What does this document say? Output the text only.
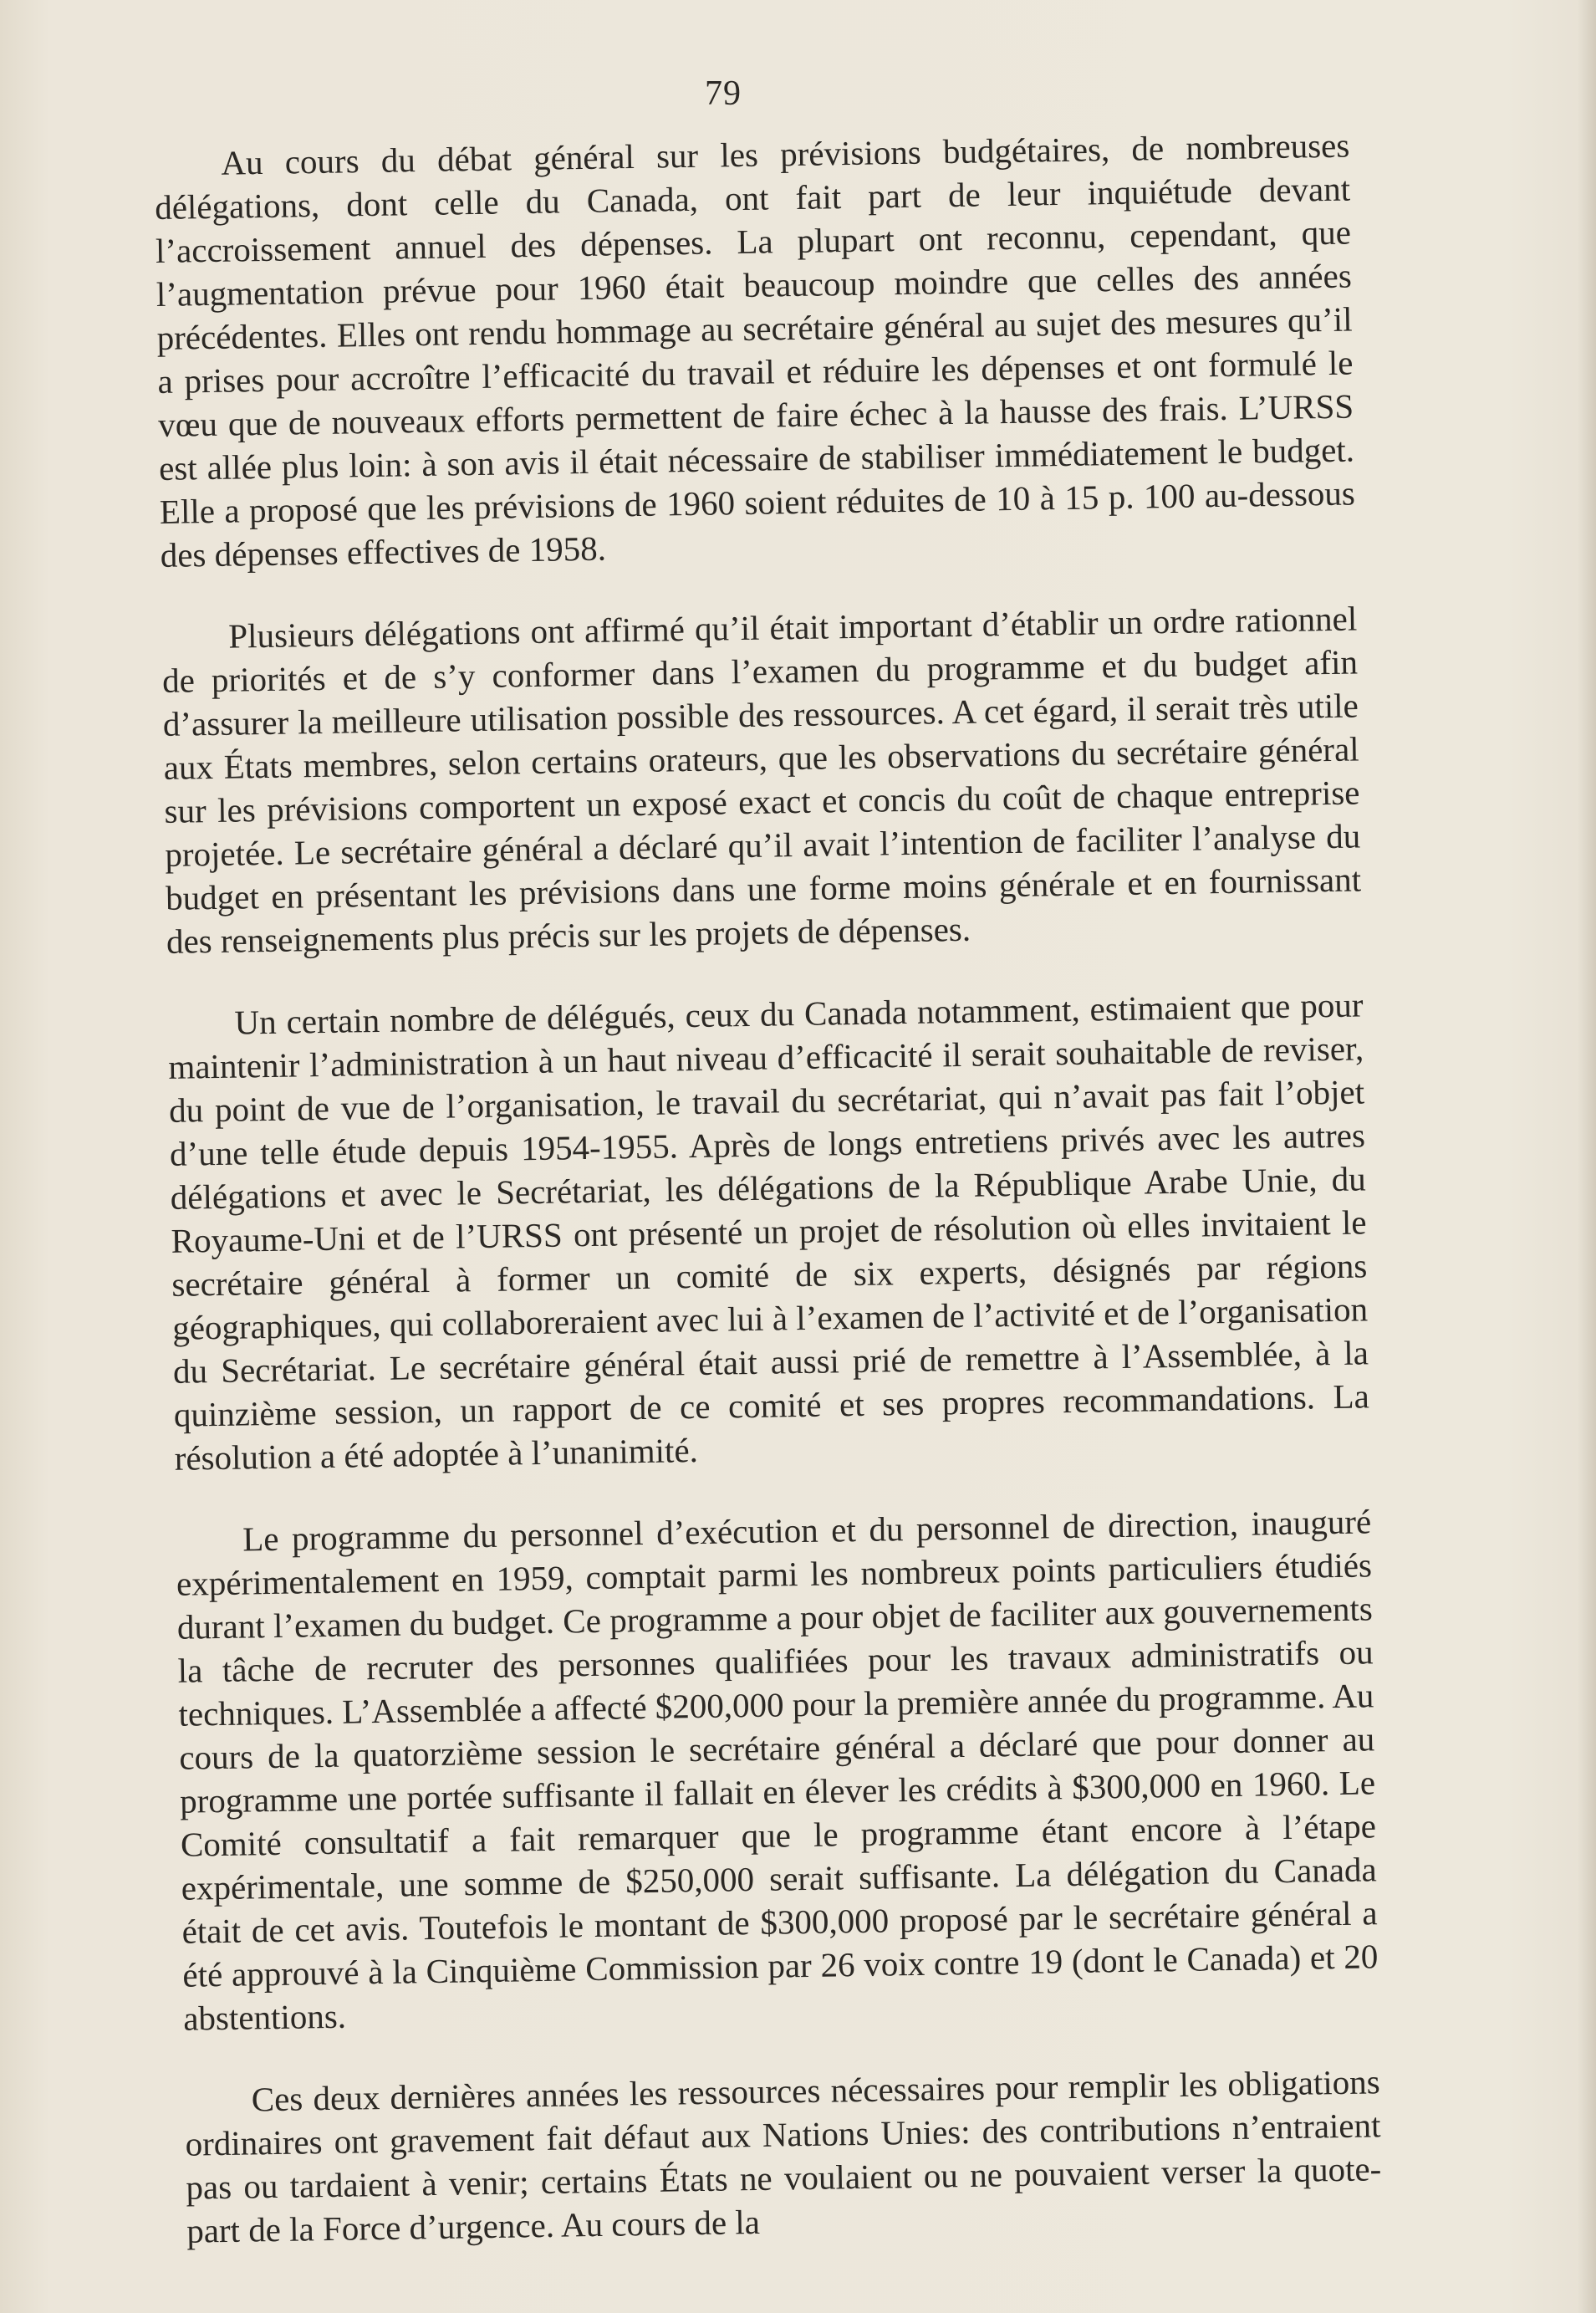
79

Au cours du débat général sur les prévisions budgétaires, de nombreuses délégations, dont celle du Canada, ont fait part de leur inquiétude devant l’accroissement annuel des dépenses. La plupart ont reconnu, cependant, que l’augmentation prévue pour 1960 était beaucoup moindre que celles des années précédentes. Elles ont rendu hommage au secrétaire général au sujet des mesures qu’il a prises pour accroître l’efficacité du travail et réduire les dépenses et ont formulé le vœu que de nouveaux efforts permettent de faire échec à la hausse des frais. L’URSS est allée plus loin: à son avis il était nécessaire de stabiliser immédiatement le budget. Elle a proposé que les prévisions de 1960 soient réduites de 10 à 15 p. 100 au-dessous des dépenses effectives de 1958.

Plusieurs délégations ont affirmé qu’il était important d’établir un ordre rationnel de priorités et de s’y conformer dans l’examen du programme et du budget afin d’assurer la meilleure utilisation possible des ressources. A cet égard, il serait très utile aux États membres, selon certains orateurs, que les observations du secrétaire général sur les prévisions comportent un exposé exact et concis du coût de chaque entreprise projetée. Le secrétaire général a déclaré qu’il avait l’intention de faciliter l’analyse du budget en présentant les prévisions dans une forme moins générale et en fournissant des renseignements plus précis sur les projets de dépenses.

Un certain nombre de délégués, ceux du Canada notamment, estimaient que pour maintenir l’administration à un haut niveau d’efficacité il serait souhaitable de reviser, du point de vue de l’organisation, le travail du secrétariat, qui n’avait pas fait l’objet d’une telle étude depuis 1954-1955. Après de longs entretiens privés avec les autres délégations et avec le Secrétariat, les délégations de la République Arabe Unie, du Royaume-Uni et de l’URSS ont présenté un projet de résolution où elles invitaient le secrétaire général à former un comité de six experts, désignés par régions géographiques, qui collaboreraient avec lui à l’examen de l’activité et de l’organisation du Secrétariat. Le secrétaire général était aussi prié de remettre à l’Assemblée, à la quinzième session, un rapport de ce comité et ses propres recommandations. La résolution a été adoptée à l’unanimité.

Le programme du personnel d’exécution et du personnel de direction, inauguré expérimentalement en 1959, comptait parmi les nombreux points particuliers étudiés durant l’examen du budget. Ce programme a pour objet de faciliter aux gouvernements la tâche de recruter des personnes qualifiées pour les travaux administratifs ou techniques. L’Assemblée a affecté $200,000 pour la première année du programme. Au cours de la quatorzième session le secrétaire général a déclaré que pour donner au programme une portée suffisante il fallait en élever les crédits à $300,000 en 1960. Le Comité consultatif a fait remarquer que le programme étant encore à l’étape expérimentale, une somme de $250,000 serait suffisante. La délégation du Canada était de cet avis. Toutefois le montant de $300,000 proposé par le secrétaire général a été approuvé à la Cinquième Commission par 26 voix contre 19 (dont le Canada) et 20 abstentions.

Ces deux dernières années les ressources nécessaires pour remplir les obligations ordinaires ont gravement fait défaut aux Nations Unies: des contributions n’entraient pas ou tardaient à venir; certains États ne voulaient ou ne pouvaient verser la quote-part de la Force d’urgence. Au cours de la
